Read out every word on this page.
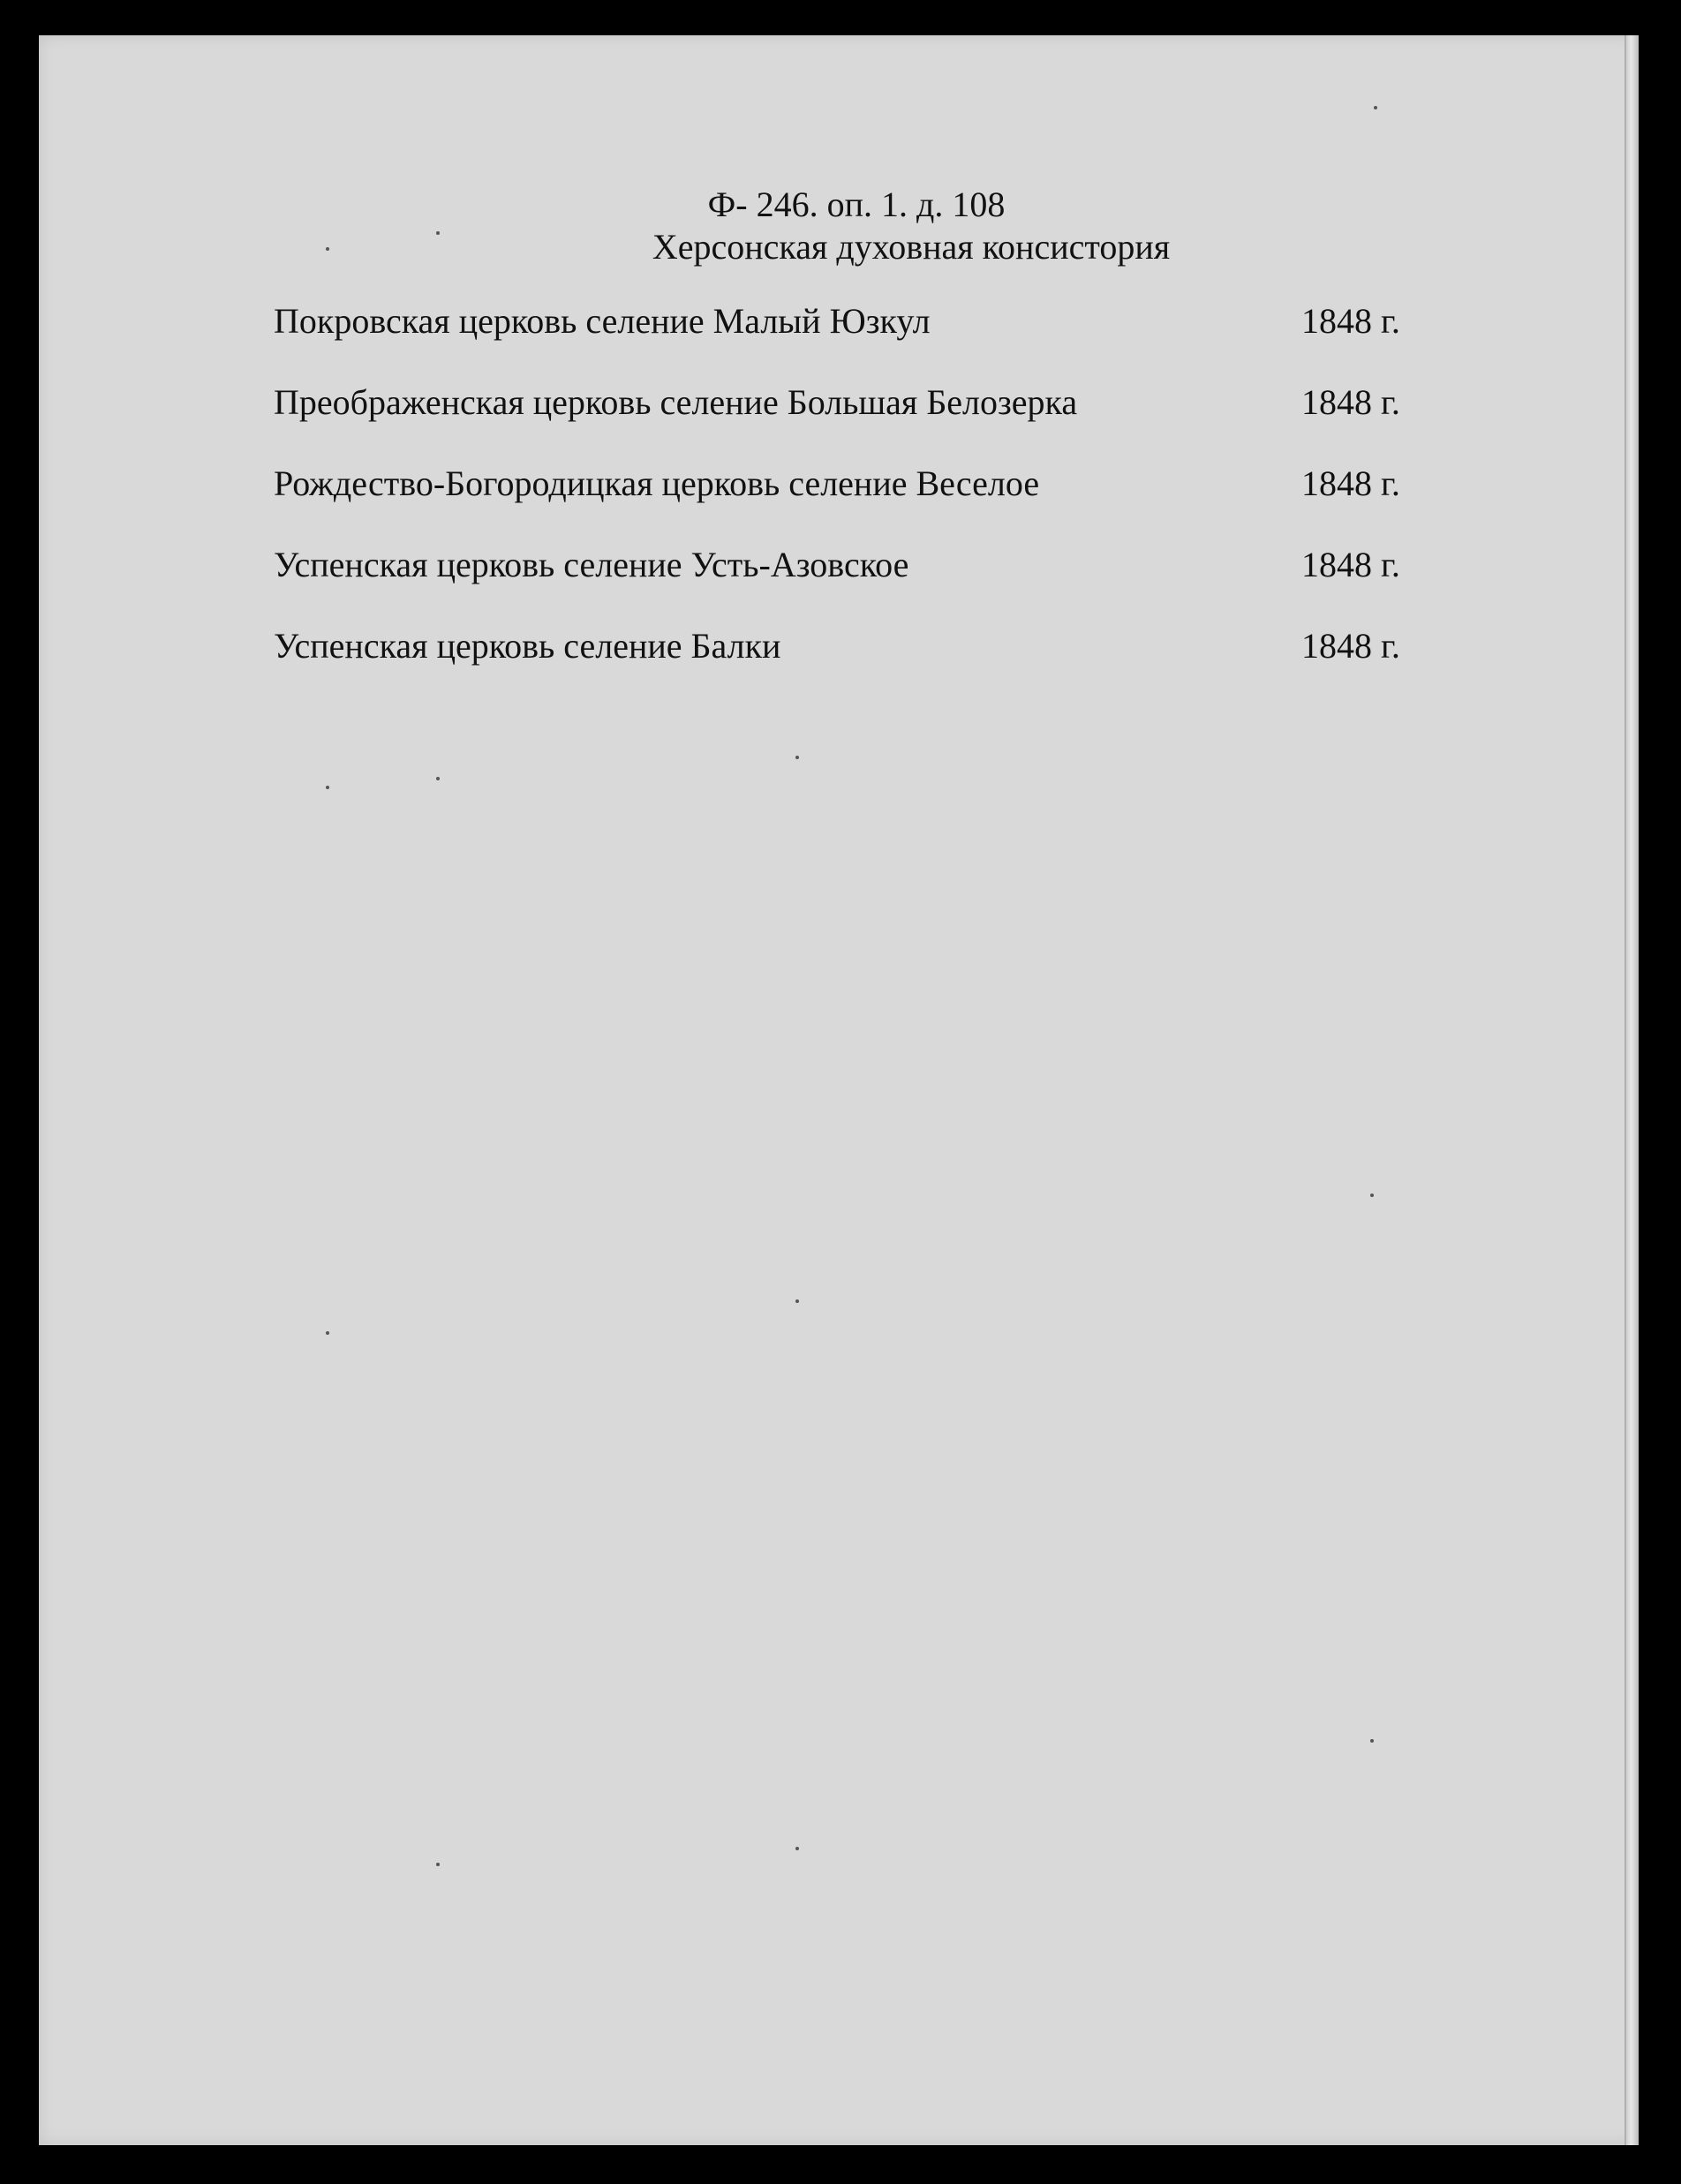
Ф- 246. оп. 1. д. 108
Херсонская духовная консистория
Покровская церковь селение Малый Юзкул	1848 г.
Преображенская церковь селение Большая Белозерка	1848 г.
Рождество-Богородицкая церковь селение Веселое	1848 г.
Успенская церковь селение Усть-Азовское	1848 г.
Успенская церковь селение Балки	1848 г.
